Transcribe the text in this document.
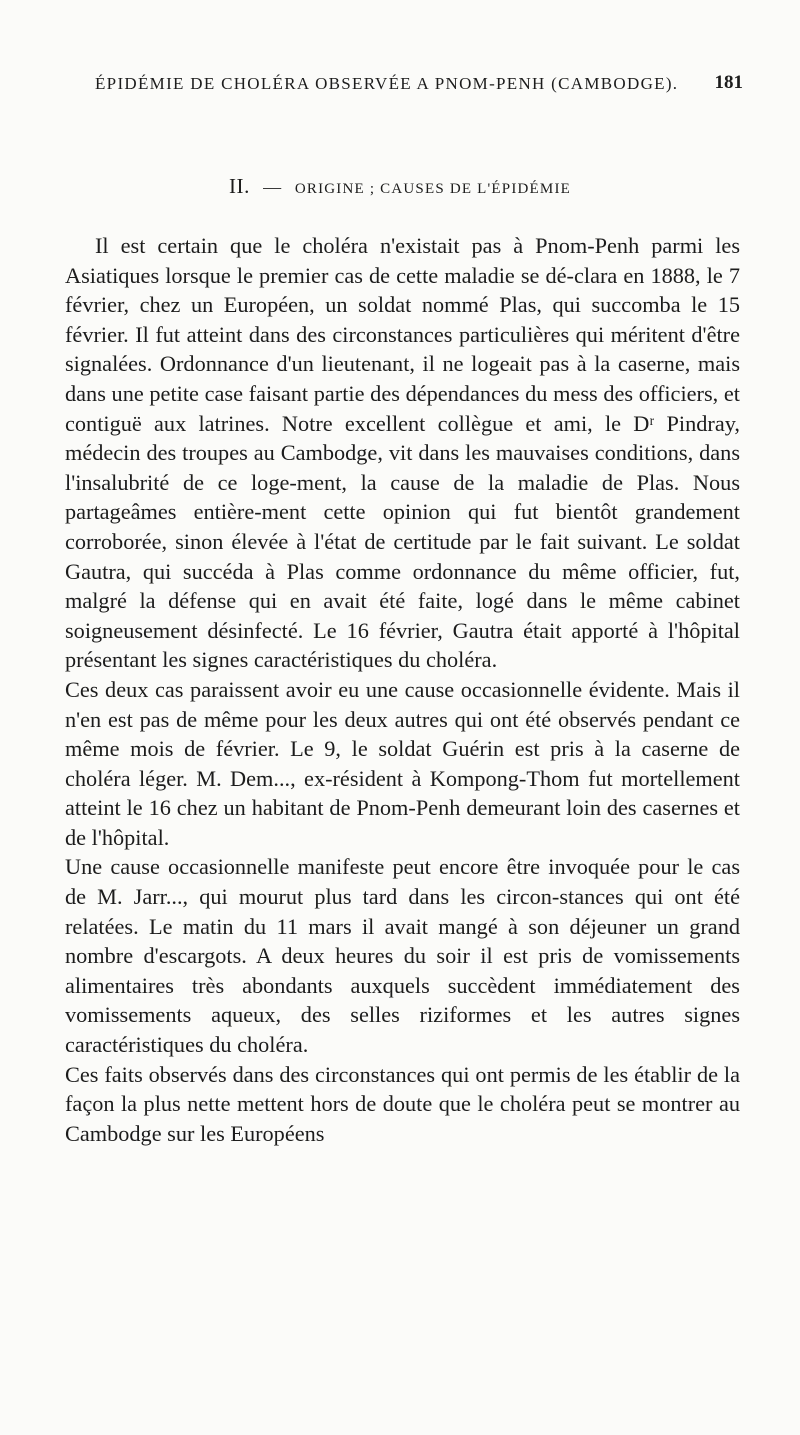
ÉPIDÉMIE DE CHOLÉRA OBSERVÉE A PNOM-PENH (CAMBODGE). 181
II. — ORIGINE ; CAUSES DE L'ÉPIDÉMIE

Il est certain que le choléra n'existait pas à Pnom-Penh parmi les Asiatiques lorsque le premier cas de cette maladie se dé-clara en 1888, le 7 février, chez un Européen, un soldat nommé Plas, qui succomba le 15 février. Il fut atteint dans des circonstances particulières qui méritent d'être signalées. Ordonnance d'un lieutenant, il ne logeait pas à la caserne, mais dans une petite case faisant partie des dépendances du mess des officiers, et contiguë aux latrines. Notre excellent collègue et ami, le Dʳ Pindray, médecin des troupes au Cambodge, vit dans les mauvaises conditions, dans l'insalubrité de ce loge-ment, la cause de la maladie de Plas. Nous partageâmes entière-ment cette opinion qui fut bientôt grandement corroborée, sinon élevée à l'état de certitude par le fait suivant. Le soldat Gautra, qui succéda à Plas comme ordonnance du même officier, fut, malgré la défense qui en avait été faite, logé dans le même cabinet soigneusement désinfecté. Le 16 février, Gautra était apporté à l'hôpital présentant les signes caractéristiques du choléra.

Ces deux cas paraissent avoir eu une cause occasionnelle évidente. Mais il n'en est pas de même pour les deux autres qui ont été observés pendant ce même mois de février. Le 9, le soldat Guérin est pris à la caserne de choléra léger. M. Dem..., ex-résident à Kompong-Thom fut mortellement atteint le 16 chez un habitant de Pnom-Penh demeurant loin des casernes et de l'hôpital.

Une cause occasionnelle manifeste peut encore être invoquée pour le cas de M. Jarr..., qui mourut plus tard dans les circon-stances qui ont été relatées. Le matin du 11 mars il avait mangé à son déjeuner un grand nombre d'escargots. A deux heures du soir il est pris de vomissements alimentaires très abondants auxquels succèdent immédiatement des vomissements aqueux, des selles riziformes et les autres signes caractéristiques du choléra.

Ces faits observés dans des circonstances qui ont permis de les établir de la façon la plus nette mettent hors de doute que le choléra peut se montrer au Cambodge sur les Européens
